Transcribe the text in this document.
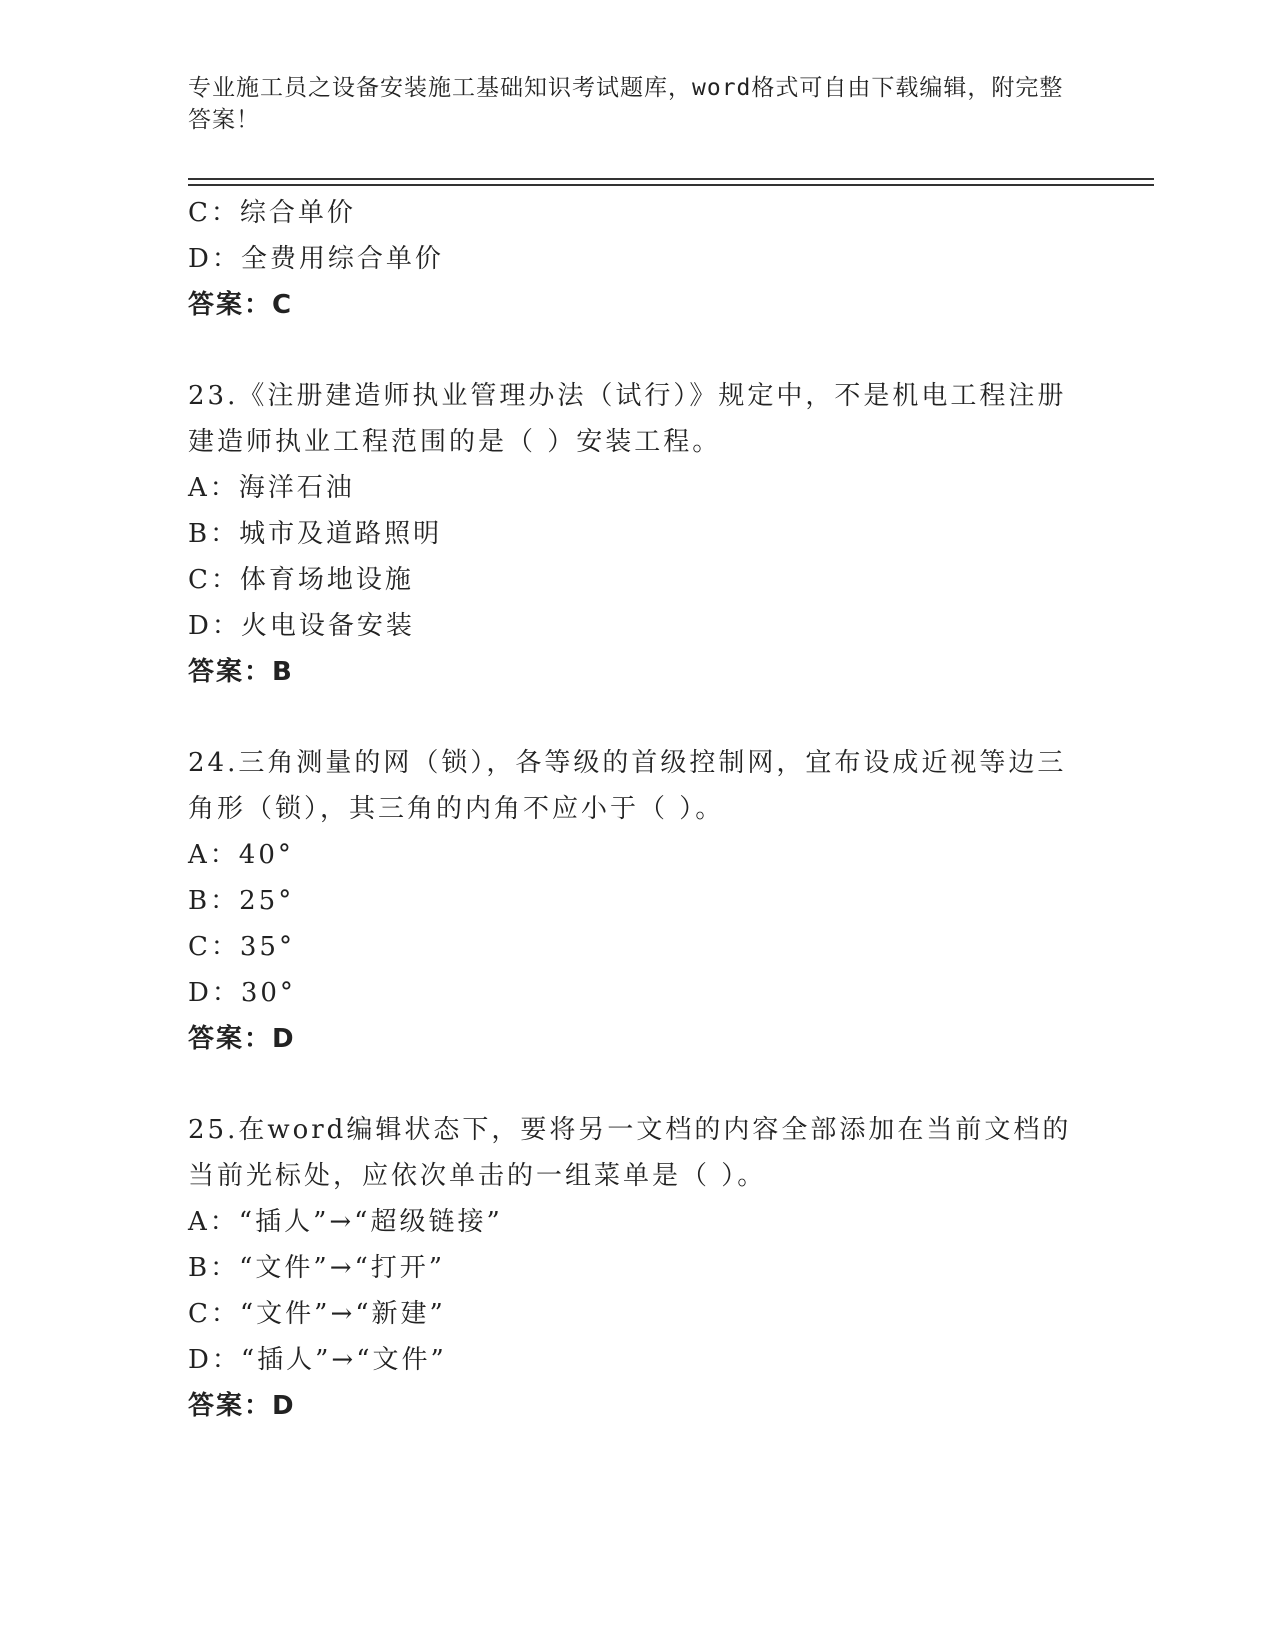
专业施工员之设备安装施工基础知识考试题库，word格式可自由下载编辑，附完整答案！
C：综合单价
D：全费用综合单价
答案：C
23.《注册建造师执业管理办法（试行）》规定中，不是机电工程注册
建造师执业工程范围的是（ ）安装工程。
A：海洋石油
B：城市及道路照明
C：体育场地设施
D：火电设备安装
答案：B
24.三角测量的网（锁），各等级的首级控制网，宜布设成近视等边三
角形（锁），其三角的内角不应小于（ ）。
A：40°
B：25°
C：35°
D：30°
答案：D
25.在word编辑状态下，要将另一文档的内容全部添加在当前文档的
当前光标处，应依次单击的一组菜单是（ ）。
A：“插人”→“超级链接”
B：“文件”→“打开”
C：“文件”→“新建”
D：“插人”→“文件”
答案：D
